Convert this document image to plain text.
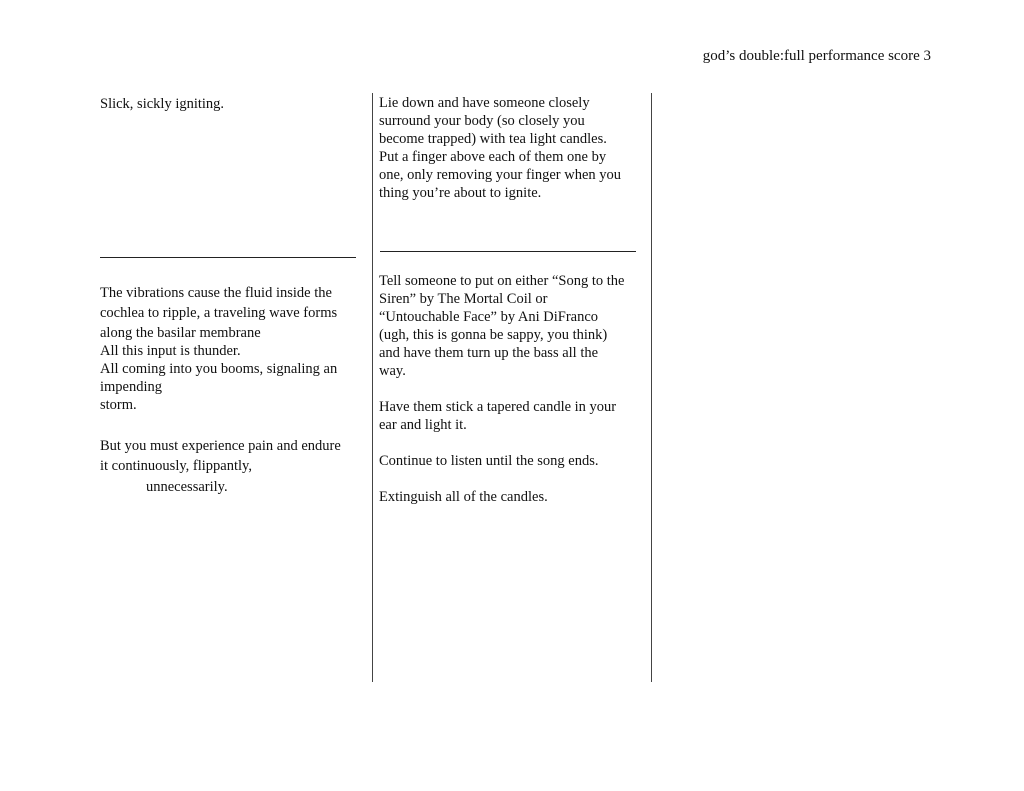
god’s double:full performance score 3
Slick, sickly igniting.
The vibrations cause the fluid inside the
cochlea to ripple, a traveling wave forms
along the basilar membrane
All this input is thunder.
All coming into you booms, signaling an
impending
storm.
But you must experience pain and endure
it continuously, flippantly,
unnecessarily.
Lie down and have someone closely
surround your body (so closely you
become trapped) with tea light candles.
Put a finger above each of them one by
one, only removing your finger when you
thing you’re about to ignite.
Tell someone to put on either “Song to the
Siren” by The Mortal Coil or
“Untouchable Face” by Ani DiFranco
(ugh, this is gonna be sappy, you think)
and have them turn up the bass all the
way.
Have them stick a tapered candle in your
ear and light it.
Continue to listen until the song ends.
Extinguish all of the candles.
